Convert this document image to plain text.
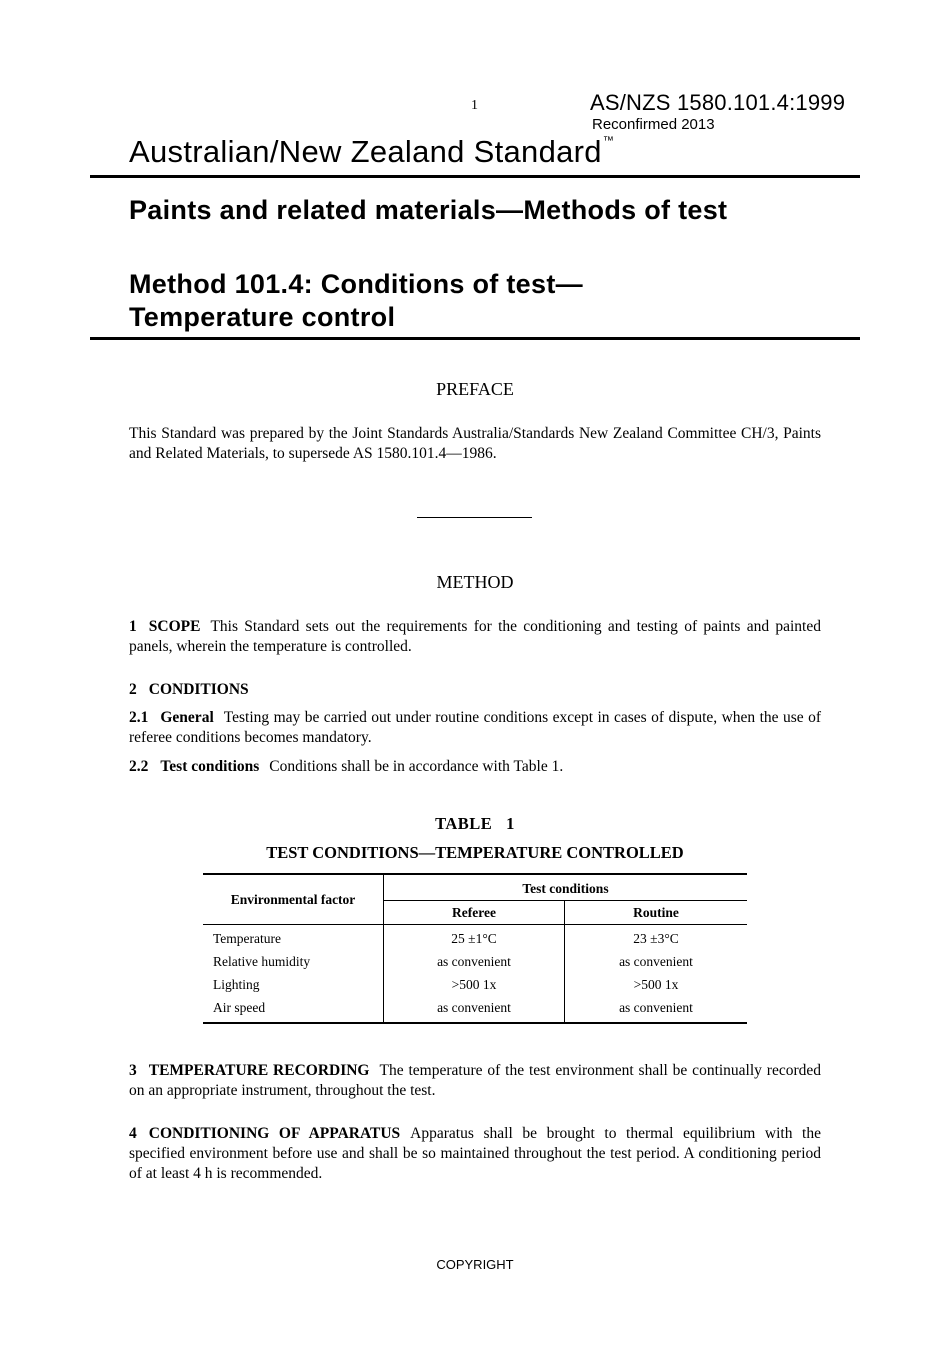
1	AS/NZS 1580.101.4:1999
Reconfirmed 2013
Australian/New Zealand Standard™
Paints and related materials—Methods of test
Method 101.4: Conditions of test—
Temperature control
PREFACE
This Standard was prepared by the Joint Standards Australia/Standards New Zealand Committee CH/3, Paints and Related Materials, to supersede AS 1580.101.4—1986.
METHOD
1 SCOPE This Standard sets out the requirements for the conditioning and testing of paints and painted panels, wherein the temperature is controlled.
2 CONDITIONS
2.1 General Testing may be carried out under routine conditions except in cases of dispute, when the use of referee conditions becomes mandatory.
2.2 Test conditions Conditions shall be in accordance with Table 1.
TABLE   1
TEST CONDITIONS—TEMPERATURE CONTROLLED
Environmental factor
Test conditions
Referee	Routine
Temperature	25 ±1°C	23 ±3°C
Relative humidity	as convenient	as convenient
Lighting	>500 1x	>500 1x
Air speed	as convenient	as convenient
3 TEMPERATURE RECORDING The temperature of the test environment shall be continually recorded on an appropriate instrument, throughout the test.
4 CONDITIONING OF APPARATUS Apparatus shall be brought to thermal equilibrium with the specified environment before use and shall be so maintained throughout the test period. A conditioning period of at least 4 h is recommended.
COPYRIGHT
